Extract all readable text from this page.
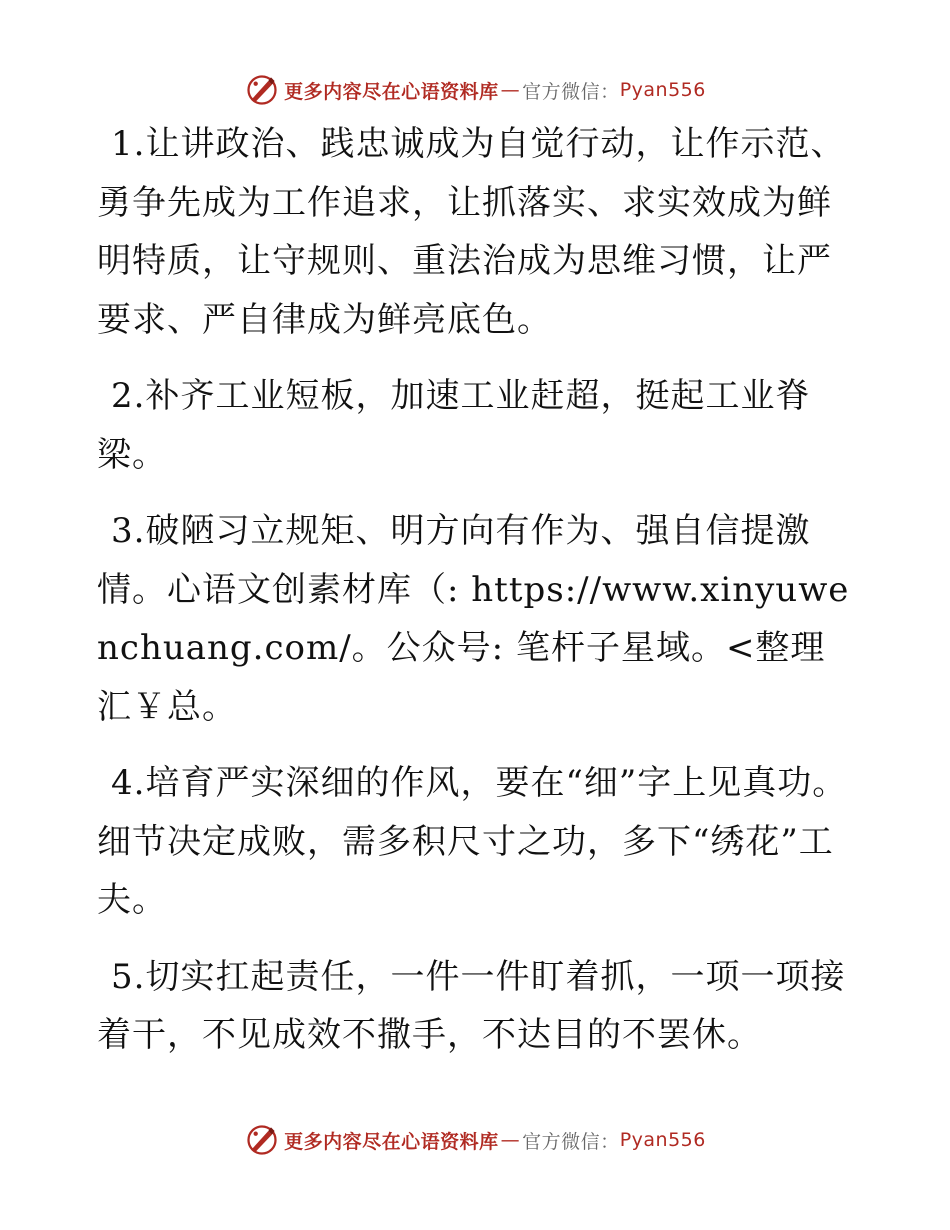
更多内容尽在心语资料库 — 官方微信： Pyan556

1.让讲政治、践忠诚成为自觉行动，让作示范、勇争先成为工作追求，让抓落实、求实效成为鲜明特质，让守规则、重法治成为思维习惯，让严要求、严自律成为鲜亮底色。

2.补齐工业短板，加速工业赶超，挺起工业脊梁。

3.破陋习立规矩、明方向有作为、强自信提激情。心语文创素材库（: https://www.xinyuwenchuang.com/。公众号: 笔杆子星域。<整理汇￥总。

4.培育严实深细的作风，要在“细”字上见真功。细节决定成败，需多积尺寸之功，多下“绣花”工夫。

5.切实扛起责任，一件一件盯着抓，一项一项接着干，不见成效不撒手，不达目的不罢休。

更多内容尽在心语资料库 — 官方微信： Pyan556
